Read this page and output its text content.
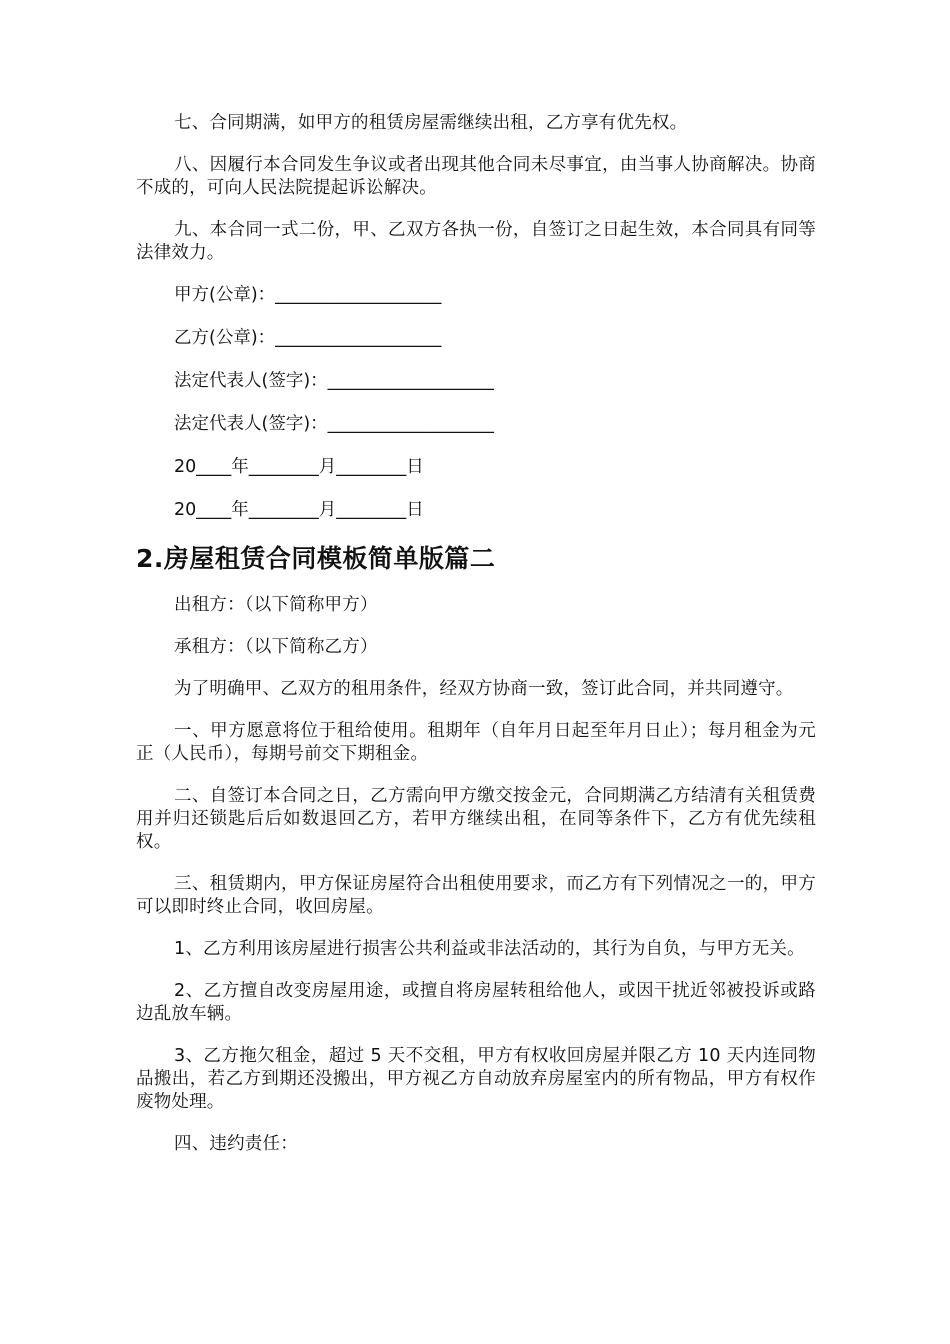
七、合同期满，如甲方的租赁房屋需继续出租，乙方享有优先权。

八、因履行本合同发生争议或者出现其他合同未尽事宜，由当事人协商解决。协商不成的，可向人民法院提起诉讼解决。

九、本合同一式二份，甲、乙双方各执一份，自签订之日起生效，本合同具有同等法律效力。

甲方(公章)：___________________
乙方(公章)：___________________
法定代表人(签字)：___________________
法定代表人(签字)：___________________
20____年________月________日
20____年________月________日
2.房屋租赁合同模板简单版篇二

出租方：（以下简称甲方）

承租方：（以下简称乙方）

为了明确甲、乙双方的租用条件，经双方协商一致，签订此合同，并共同遵守。

一、甲方愿意将位于租给使用。租期年（自年月日起至年月日止）；每月租金为元正（人民币），每期号前交下期租金。

二、自签订本合同之日，乙方需向甲方缴交按金元，合同期满乙方结清有关租赁费用并归还锁匙后后如数退回乙方，若甲方继续出租，在同等条件下，乙方有优先续租权。

三、租赁期内，甲方保证房屋符合出租使用要求，而乙方有下列情况之一的，甲方可以即时终止合同，收回房屋。

1、乙方利用该房屋进行损害公共利益或非法活动的，其行为自负，与甲方无关。

2、乙方擅自改变房屋用途，或擅自将房屋转租给他人，或因干扰近邻被投诉或路边乱放车辆。

3、乙方拖欠租金，超过 5 天不交租，甲方有权收回房屋并限乙方 10 天内连同物品搬出，若乙方到期还没搬出，甲方视乙方自动放弃房屋室内的所有物品，甲方有权作废物处理。

四、违约责任：
